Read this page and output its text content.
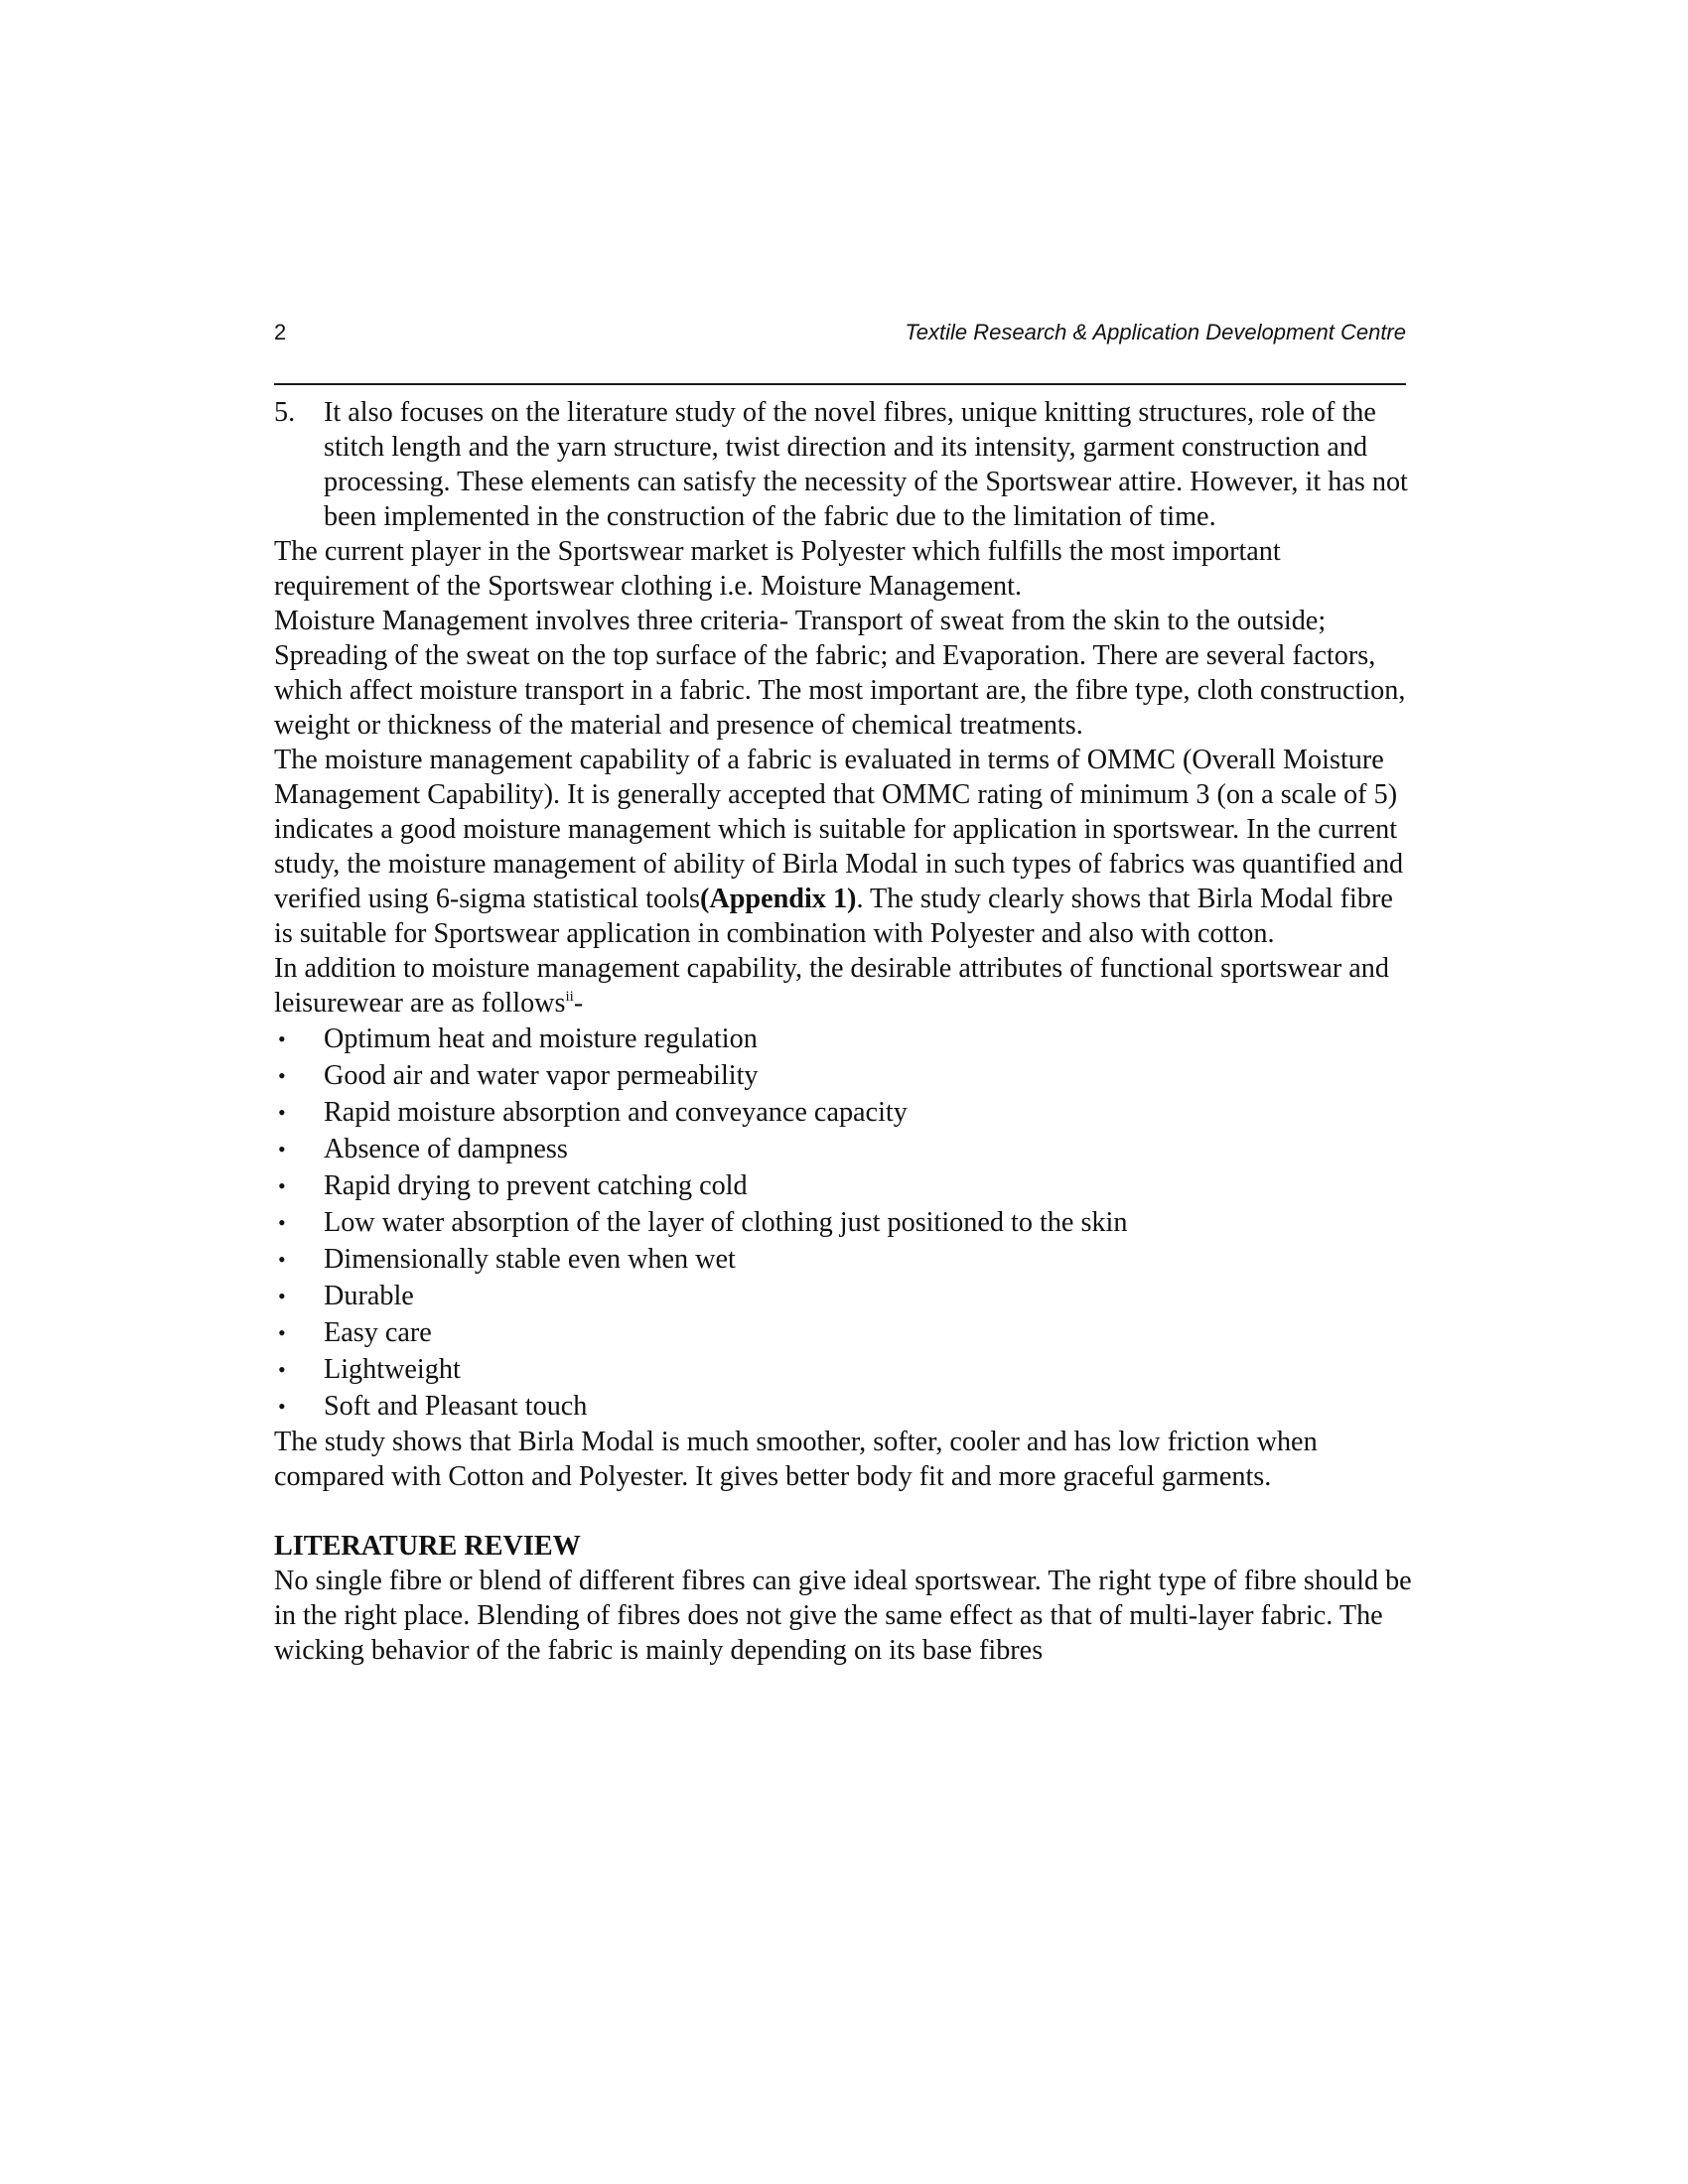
2	Textile Research & Application Development Centre

5. It also focuses on the literature study of the novel fibres, unique knitting structures, role of the stitch length and the yarn structure, twist direction and its intensity, garment construction and processing. These elements can satisfy the necessity of the Sportswear attire. However, it has not been implemented in the construction of the fabric due to the limitation of time.

The current player in the Sportswear market is Polyester which fulfills the most important requirement of the Sportswear clothing i.e. Moisture Management.

Moisture Management involves three criteria- Transport of sweat from the skin to the outside; Spreading of the sweat on the top surface of the fabric; and Evaporation. There are several factors, which affect moisture transport in a fabric. The most important are, the fibre type, cloth construction, weight or thickness of the material and presence of chemical treatments.

The moisture management capability of a fabric is evaluated in terms of OMMC (Overall Moisture Management Capability). It is generally accepted that OMMC rating of minimum 3 (on a scale of 5) indicates a good moisture management which is suitable for application in sportswear. In the current study, the moisture management of ability of Birla Modal in such types of fabrics was quantified and verified using 6-sigma statistical tools(Appendix 1). The study clearly shows that Birla Modal fibre is suitable for Sportswear application in combination with Polyester and also with cotton.

In addition to moisture management capability, the desirable attributes of functional sportswear and leisurewear are as follows$^{ii}$-

• Optimum heat and moisture regulation
• Good air and water vapor permeability
• Rapid moisture absorption and conveyance capacity
• Absence of dampness
• Rapid drying to prevent catching cold
• Low water absorption of the layer of clothing just positioned to the skin
• Dimensionally stable even when wet
• Durable
• Easy care
• Lightweight
• Soft and Pleasant touch

The study shows that Birla Modal is much smoother, softer, cooler and has low friction when compared with Cotton and Polyester. It gives better body fit and more graceful garments.

LITERATURE REVIEW

No single fibre or blend of different fibres can give ideal sportswear. The right type of fibre should be in the right place. Blending of fibres does not give the same effect as that of multi-layer fabric. The wicking behavior of the fabric is mainly depending on its base fibres
